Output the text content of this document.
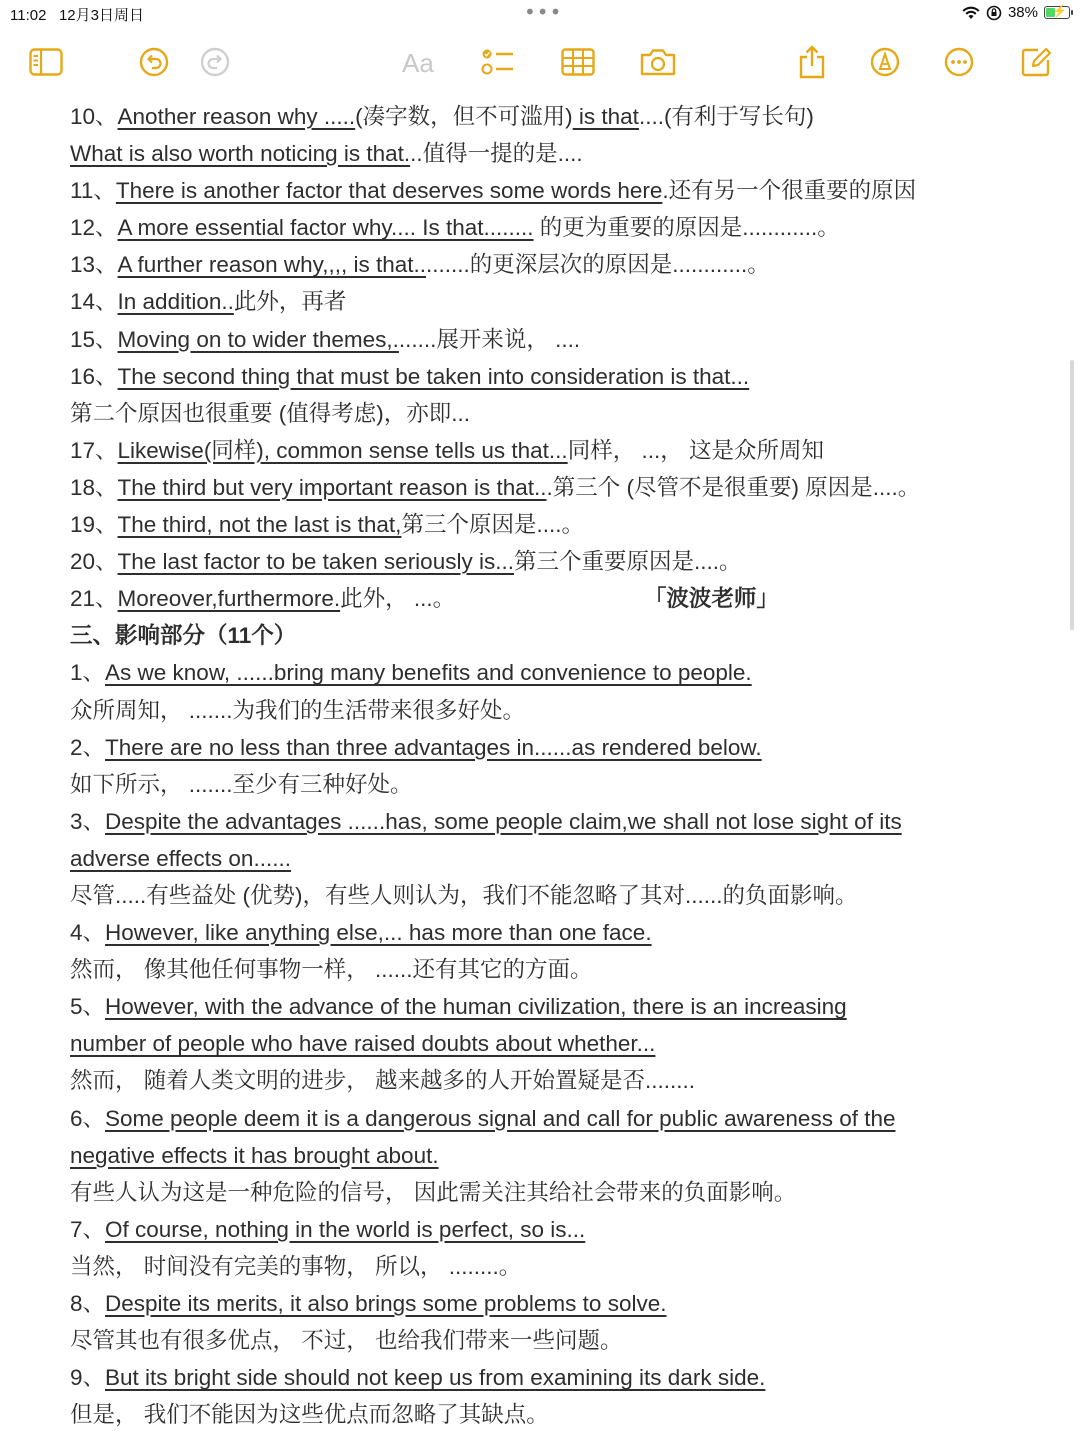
11:02 12月3日周日	•••	38% ⚡
Aa
10、Another reason why .....(凑字数，但不可滥用) is that....(有利于写长句)
What is also worth noticing is that...值得一提的是....
11、There is another factor that deserves some words here.还有另一个很重要的原因
12、A more essential factor why.... Is that........ 的更为重要的原因是............。
13、A further reason why,,,, is that.........的更深层次的原因是............。
14、In addition..此外，再者
15、Moving on to wider themes,.......展开来说， ....
16、The second thing that must be taken into consideration is that...
第二个原因也很重要 (值得考虑)，亦即...
17、Likewise(同样), common sense tells us that...同样， ...， 这是众所周知
18、The third but very important reason is that...第三个 (尽管不是很重要) 原因是....。
19、The third, not the last is that,第三个原因是....。
20、The last factor to be taken seriously is...第三个重要原因是....。
21、Moreover,furthermore.此外， ...。	「波波老师」
三、影响部分（11个）
1、As we know, ......bring many benefits and convenience to people.
众所周知， .......为我们的生活带来很多好处。
2、There are no less than three advantages in......as rendered below.
如下所示， .......至少有三种好处。
3、Despite the advantages ......has, some people claim,we shall not lose sight of its
adverse effects on......
尽管.....有些益处 (优势)，有些人则认为，我们不能忽略了其对......的负面影响。
4、However, like anything else,... has more than one face.
然而， 像其他任何事物一样， ......还有其它的方面。
5、However, with the advance of the human civilization, there is an increasing
number of people who have raised doubts about whether...
然而， 随着人类文明的进步， 越来越多的人开始置疑是否........
6、Some people deem it is a dangerous signal and call for public awareness of the
negative effects it has brought about.
有些人认为这是一种危险的信号， 因此需关注其给社会带来的负面影响。
7、Of course, nothing in the world is perfect, so is...
当然， 时间没有完美的事物， 所以， ........。
8、Despite its merits, it also brings some problems to solve.
尽管其也有很多优点， 不过， 也给我们带来一些问题。
9、But its bright side should not keep us from examining its dark side.
但是， 我们不能因为这些优点而忽略了其缺点。
